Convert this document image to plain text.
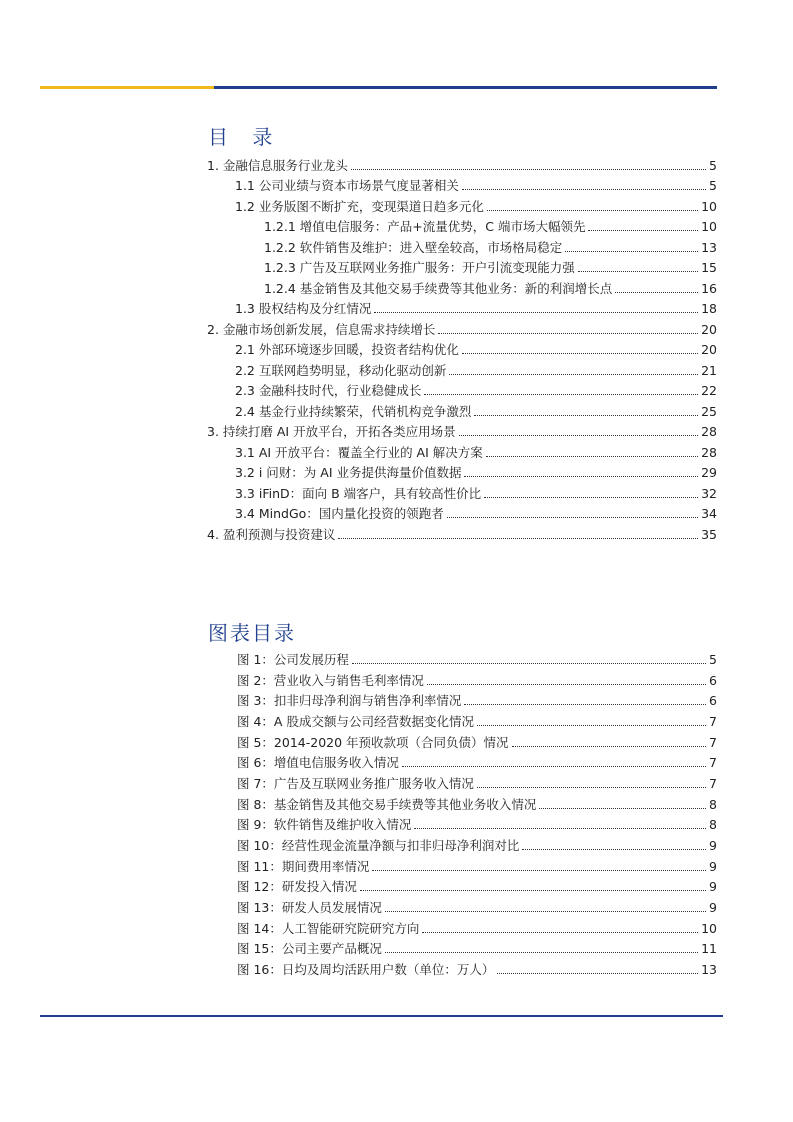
目 录
1. 金融信息服务行业龙头	5
1.1 公司业绩与资本市场景气度显著相关	5
1.2 业务版图不断扩充，变现渠道日趋多元化	10
1.2.1 增值电信服务：产品+流量优势，C 端市场大幅领先	10
1.2.2 软件销售及维护：进入壁垒较高，市场格局稳定	13
1.2.3 广告及互联网业务推广服务：开户引流变现能力强	15
1.2.4 基金销售及其他交易手续费等其他业务：新的利润增长点	16
1.3 股权结构及分红情况	18
2. 金融市场创新发展，信息需求持续增长	20
2.1 外部环境逐步回暖，投资者结构优化	20
2.2 互联网趋势明显，移动化驱动创新	21
2.3 金融科技时代，行业稳健成长	22
2.4 基金行业持续繁荣，代销机构竞争激烈	25
3. 持续打磨 AI 开放平台，开拓各类应用场景	28
3.1 AI 开放平台：覆盖全行业的 AI 解决方案	28
3.2 i 问财：为 AI 业务提供海量价值数据	29
3.3 iFinD：面向 B 端客户，具有较高性价比	32
3.4 MindGo：国内量化投资的领跑者	34
4. 盈利预测与投资建议	35
图表目录
图 1：公司发展历程	5
图 2：营业收入与销售毛利率情况	6
图 3：扣非归母净利润与销售净利率情况	6
图 4：A 股成交额与公司经营数据变化情况	7
图 5：2014-2020 年预收款项（合同负债）情况	7
图 6：增值电信服务收入情况	7
图 7：广告及互联网业务推广服务收入情况	7
图 8：基金销售及其他交易手续费等其他业务收入情况	8
图 9：软件销售及维护收入情况	8
图 10：经营性现金流量净额与扣非归母净利润对比	9
图 11：期间费用率情况	9
图 12：研发投入情况	9
图 13：研发人员发展情况	9
图 14：人工智能研究院研究方向	10
图 15：公司主要产品概况	11
图 16：日均及周均活跃用户数（单位：万人）	13
